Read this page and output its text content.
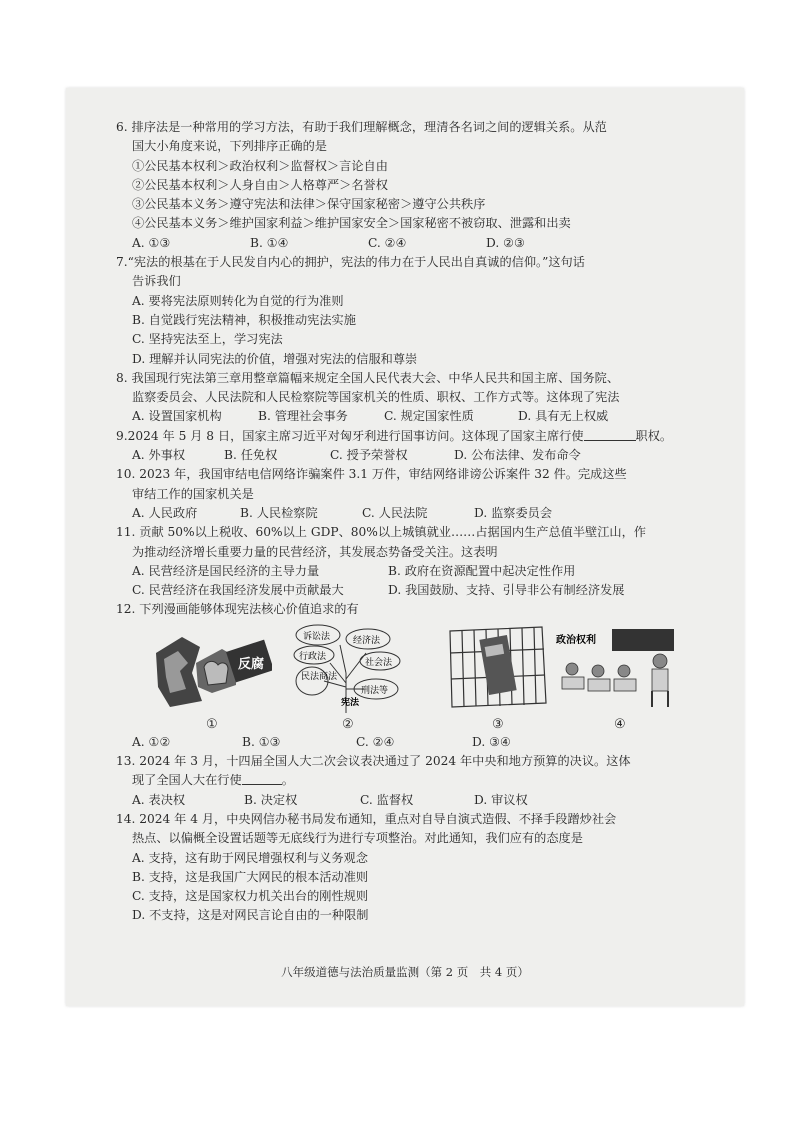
6. 排序法是一种常用的学习方法，有助于我们理解概念，理清各名词之间的逻辑关系。从范
国大小角度来说，下列排序正确的是
①公民基本权利＞政治权利＞监督权＞言论自由
②公民基本权利＞人身自由＞人格尊严＞名誉权
③公民基本义务＞遵守宪法和法律＞保守国家秘密＞遵守公共秩序
④公民基本义务＞维护国家利益＞维护国家安全＞国家秘密不被窃取、泄露和出卖
A. ①③	B. ①④	C. ②④	D. ②③
7.“宪法的根基在于人民发自内心的拥护，宪法的伟力在于人民出自真诚的信仰。”这句话
告诉我们
A. 要将宪法原则转化为自觉的行为准则
B. 自觉践行宪法精神，积极推动宪法实施
C. 坚持宪法至上，学习宪法
D. 理解并认同宪法的价值，增强对宪法的信服和尊崇
8. 我国现行宪法第三章用整章篇幅来规定全国人民代表大会、中华人民共和国主席、国务院、
监察委员会、人民法院和人民检察院等国家机关的性质、职权、工作方式等。这体现了宪法
A. 设置国家机构	B. 管理社会事务	C. 规定国家性质	D. 具有无上权威
9.2024 年 5 月 8 日，国家主席习近平对匈牙利进行国事访问。这体现了国家主席行使	职权。
A. 外事权	B. 任免权	C. 授予荣誉权	D. 公布法律、发布命令
10. 2023 年，我国审结电信网络诈骗案件 3.1 万件，审结网络诽谤公诉案件 32 件。完成这些
审结工作的国家机关是
A. 人民政府	B. 人民检察院	C. 人民法院	D. 监察委员会
11. 贡献 50%以上税收、60%以上 GDP、80%以上城镇就业……占据国内生产总值半壁江山，作
为推动经济增长重要力量的民营经济，其发展态势备受关注。这表明
A. 民营经济是国民经济的主导力量	B. 政府在资源配置中起决定性作用
C. 民营经济在我国经济发展中贡献最大	D. 我国鼓励、支持、引导非公有制经济发展
12. 下列漫画能够体现宪法核心价值追求的有
反腐
诉讼法	经济法
行政法
社会法
民法商法
刑法等
宪法
政治权利
①	②	③	④
A. ①②	B. ①③	C. ②④	D. ③④
13. 2024 年 3 月，十四届全国人大二次会议表决通过了 2024 年中央和地方预算的决议。这体
现了全国人大在行使	。
A. 表决权	B. 决定权	C. 监督权	D. 审议权
14. 2024 年 4 月，中央网信办秘书局发布通知，重点对自导自演式造假、不择手段蹭炒社会
热点、以偏概全设置话题等无底线行为进行专项整治。对此通知，我们应有的态度是
A. 支持，这有助于网民增强权利与义务观念
B. 支持，这是我国广大网民的根本活动准则
C. 支持，这是国家权力机关出台的刚性规则
D. 不支持，这是对网民言论自由的一种限制
八年级道德与法治质量监测（第 2 页　共 4 页）
